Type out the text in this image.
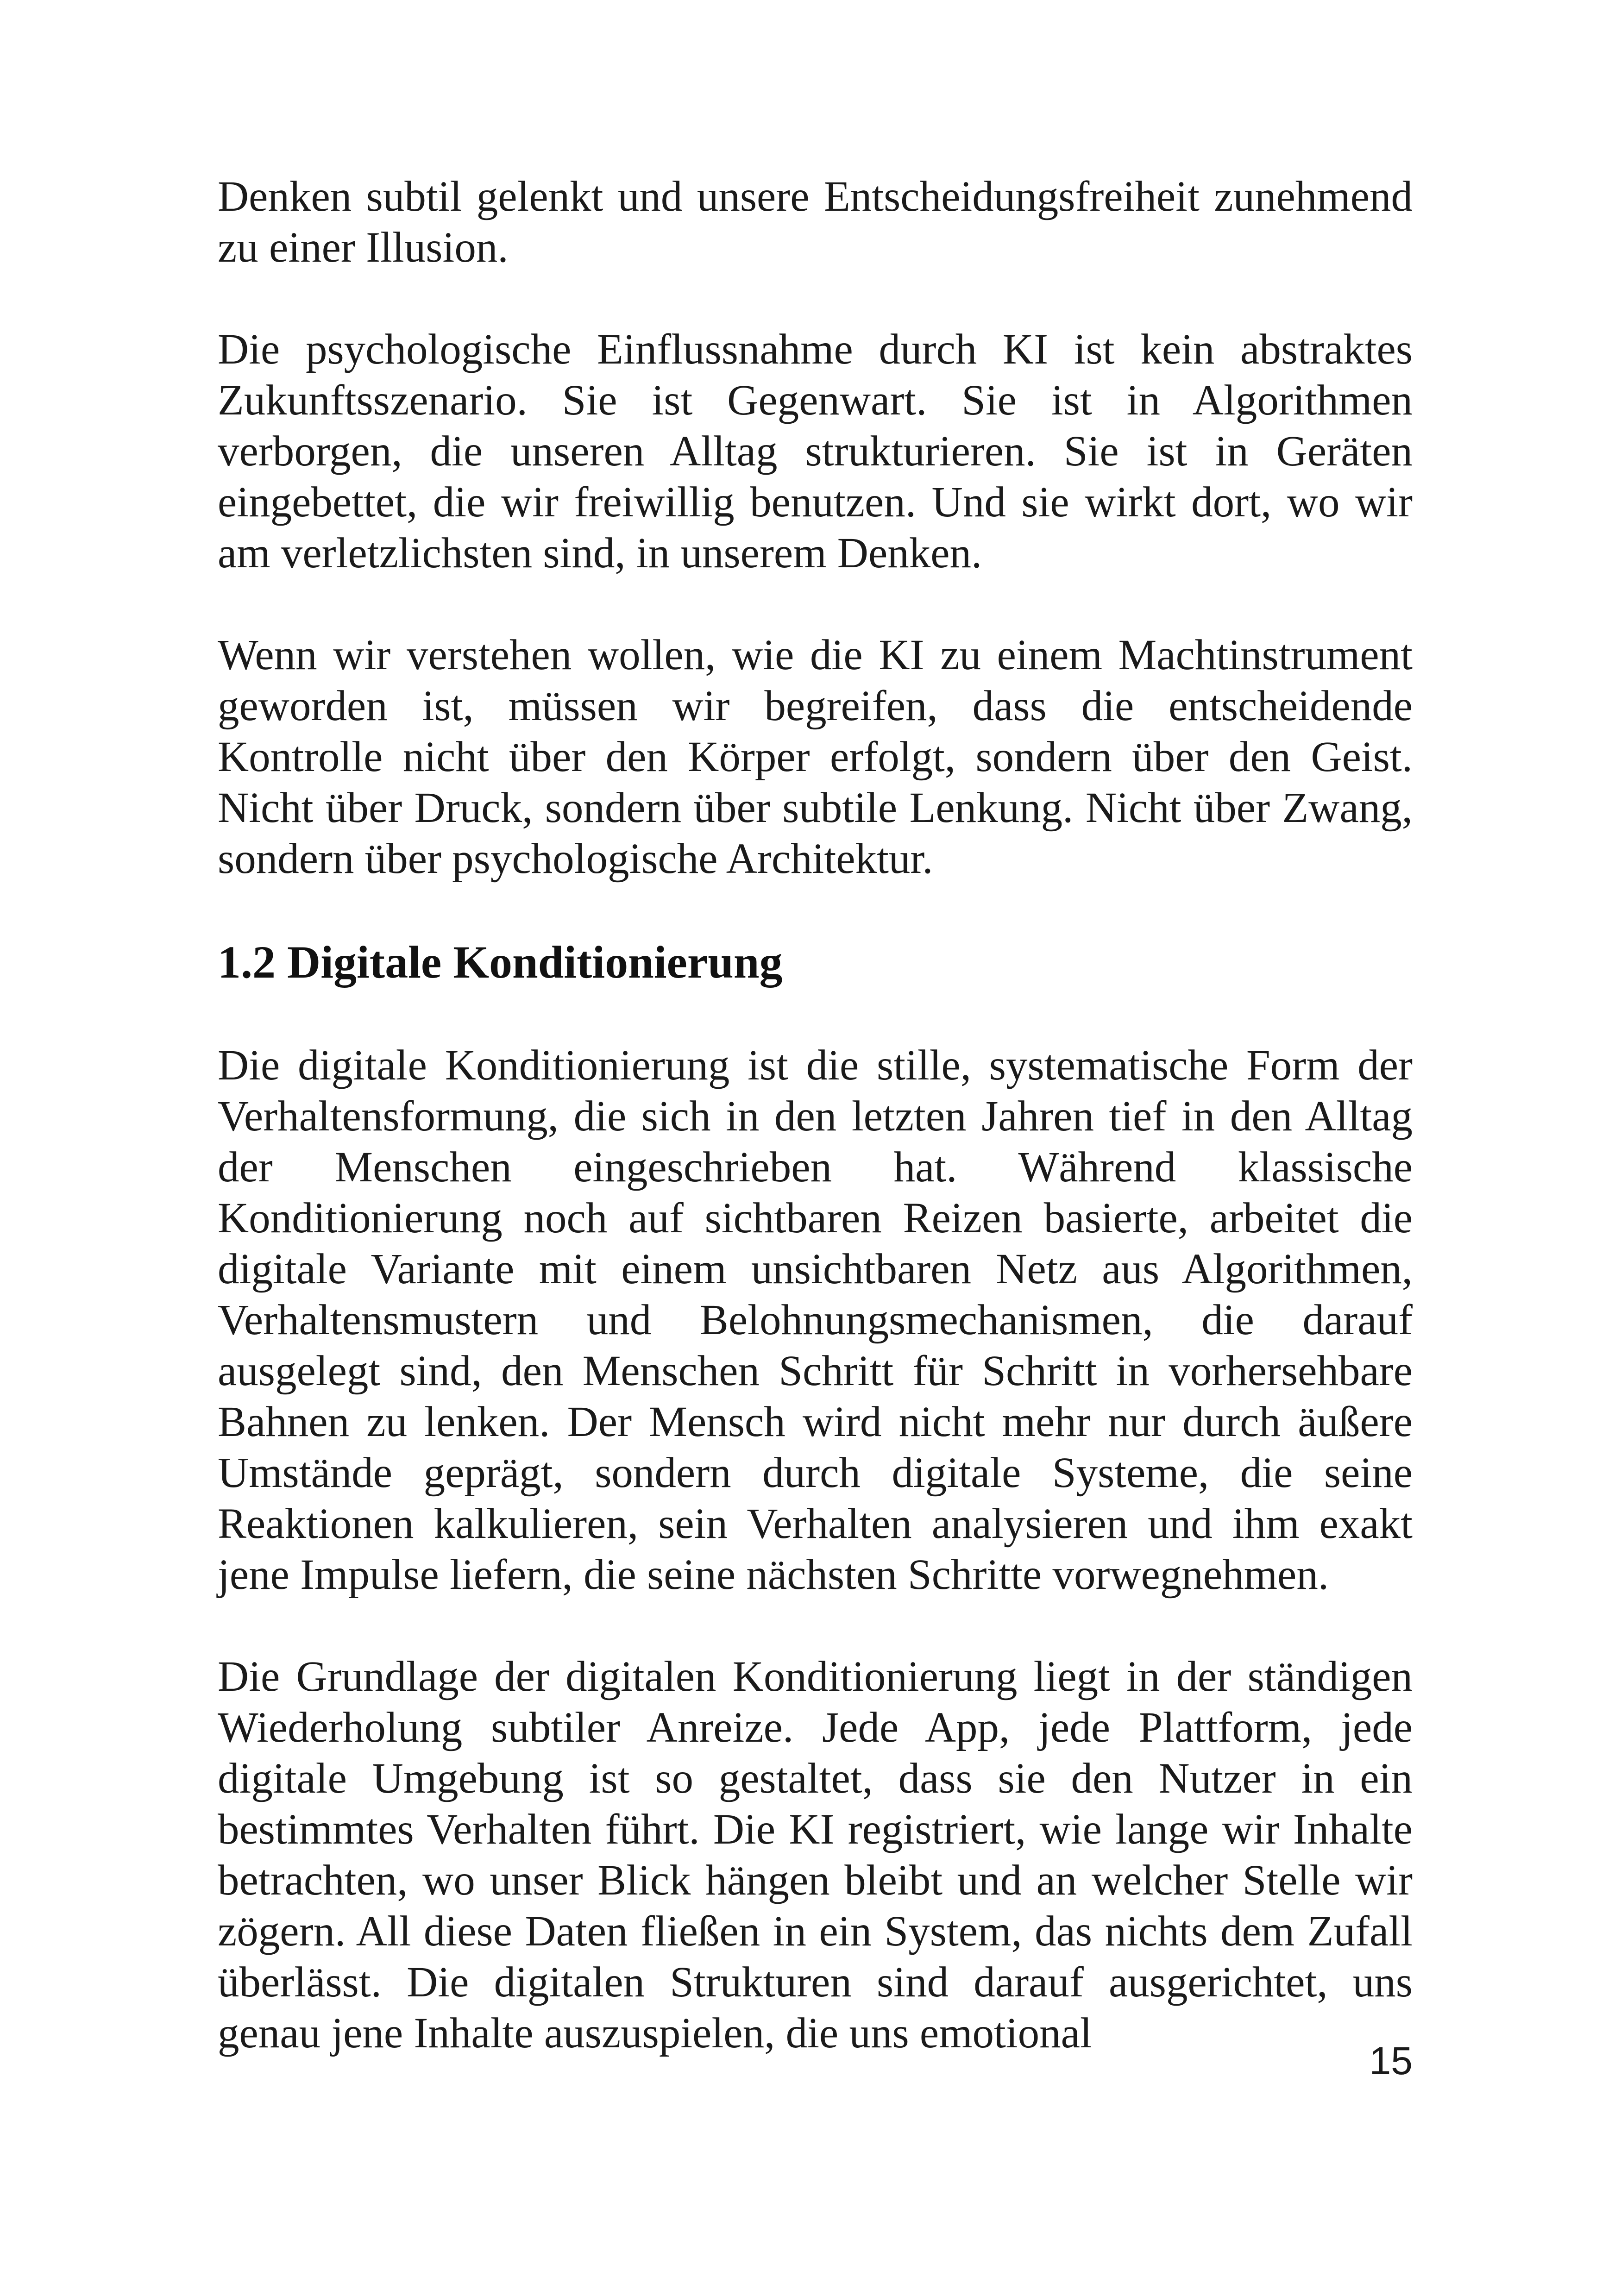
Denken subtil gelenkt und unsere Entscheidungsfreiheit zunehmend zu einer Illusion.

Die psychologische Einflussnahme durch KI ist kein abstraktes Zukunftsszenario. Sie ist Gegenwart. Sie ist in Algorithmen verborgen, die unseren Alltag strukturieren. Sie ist in Geräten eingebettet, die wir freiwillig benutzen. Und sie wirkt dort, wo wir am verletzlichsten sind, in unserem Denken.

Wenn wir verstehen wollen, wie die KI zu einem Machtinstrument geworden ist, müssen wir begreifen, dass die entscheidende Kontrolle nicht über den Körper erfolgt, sondern über den Geist. Nicht über Druck, sondern über subtile Lenkung. Nicht über Zwang, sondern über psychologische Architektur.

1.2 Digitale Konditionierung

Die digitale Konditionierung ist die stille, systematische Form der Verhaltensformung, die sich in den letzten Jahren tief in den Alltag der Menschen eingeschrieben hat. Während klassische Konditionierung noch auf sichtbaren Reizen basierte, arbeitet die digitale Variante mit einem unsichtbaren Netz aus Algorithmen, Verhaltensmustern und Belohnungsmechanismen, die darauf ausgelegt sind, den Menschen Schritt für Schritt in vorhersehbare Bahnen zu lenken. Der Mensch wird nicht mehr nur durch äußere Umstände geprägt, sondern durch digitale Systeme, die seine Reaktionen kalkulieren, sein Verhalten analysieren und ihm exakt jene Impulse liefern, die seine nächsten Schritte vorwegnehmen.

Die Grundlage der digitalen Konditionierung liegt in der ständigen Wiederholung subtiler Anreize. Jede App, jede Plattform, jede digitale Umgebung ist so gestaltet, dass sie den Nutzer in ein bestimmtes Verhalten führt. Die KI registriert, wie lange wir Inhalte betrachten, wo unser Blick hängen bleibt und an welcher Stelle wir zögern. All diese Daten fließen in ein System, das nichts dem Zufall überlässt. Die digitalen Strukturen sind darauf ausgerichtet, uns genau jene Inhalte auszuspielen, die uns emotional

15
